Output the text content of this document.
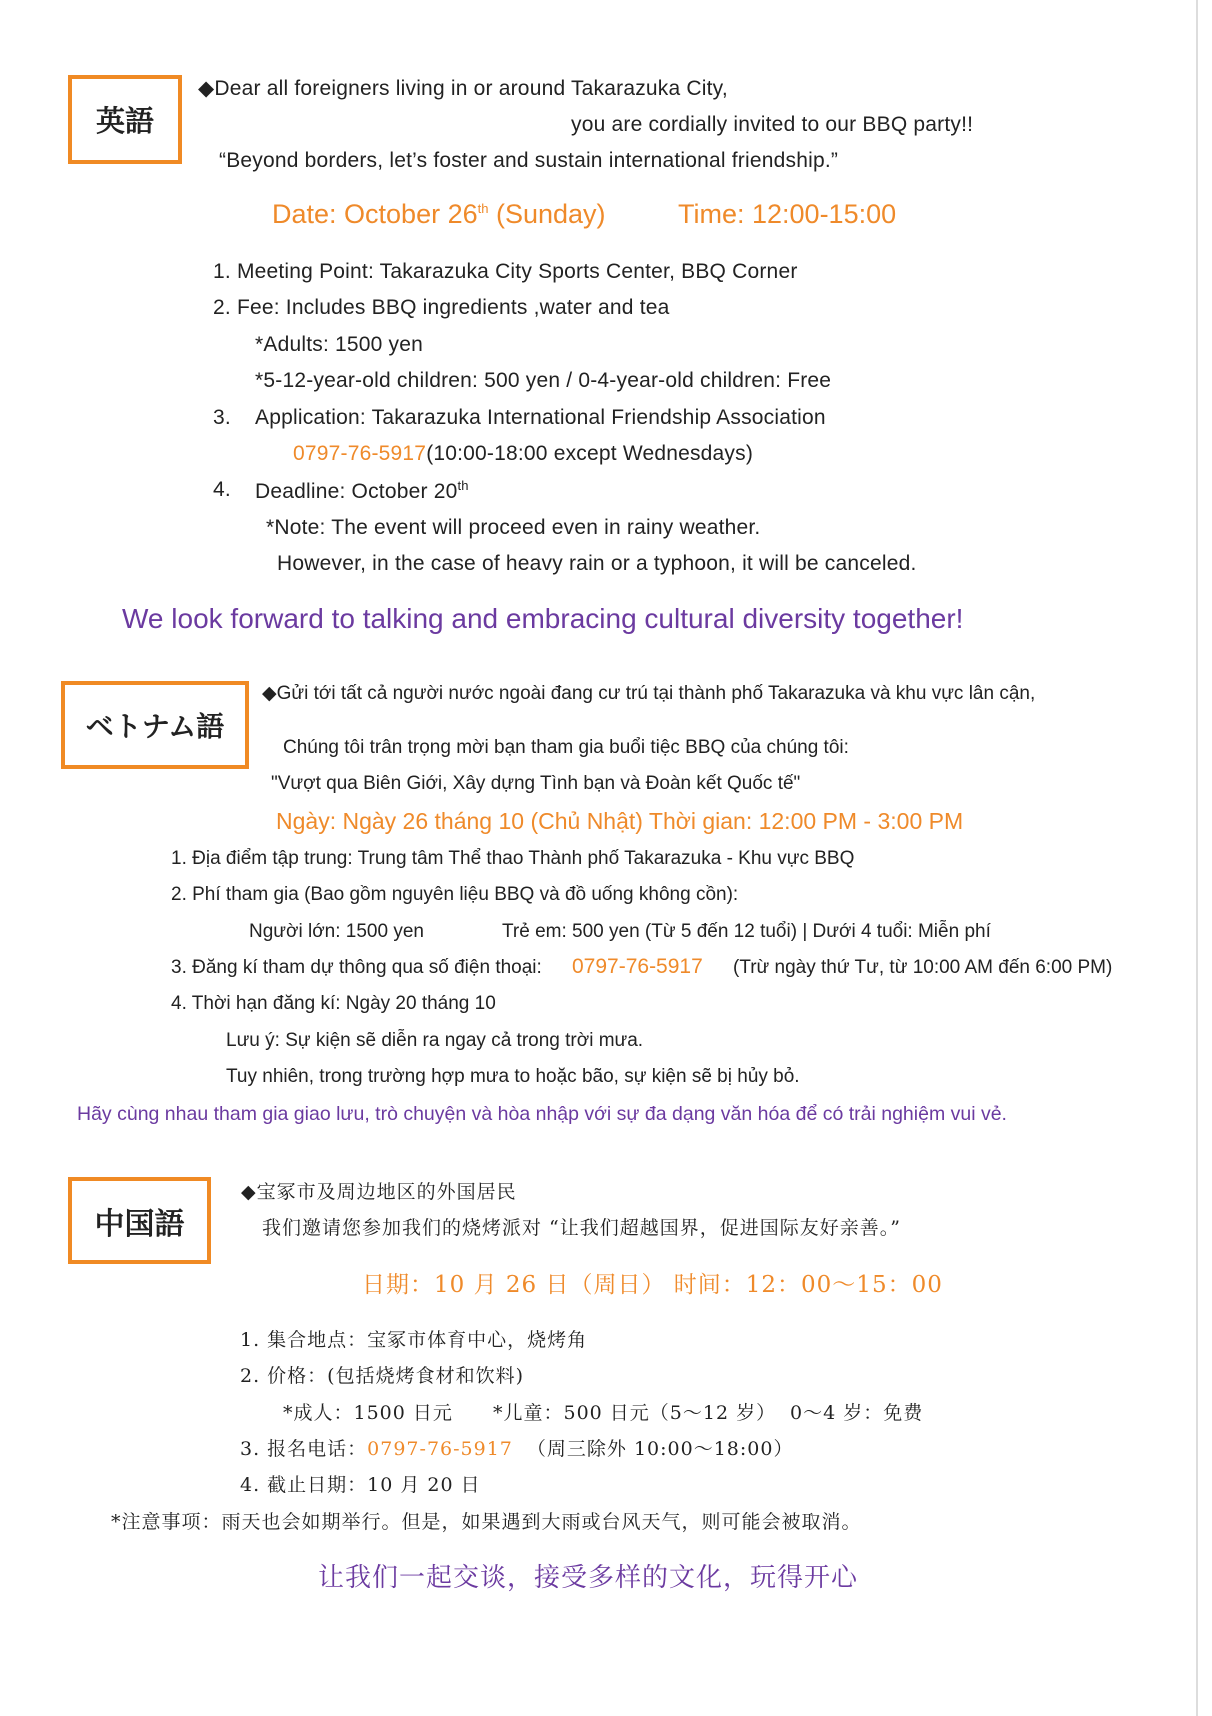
英語
◆Dear all foreigners living in or around Takarazuka City,
you are cordially invited to our BBQ party!!
“Beyond borders, let’s foster and sustain international friendship.”
Date: October 26th (Sunday)	Time: 12:00-15:00
1. Meeting Point: Takarazuka City Sports Center, BBQ Corner
2. Fee: Includes BBQ ingredients ,water and tea
*Adults: 1500 yen
*5-12-year-old children: 500 yen / 0-4-year-old children: Free
3. Application: Takarazuka International Friendship Association
0797-76-5917(10:00-18:00 except Wednesdays)
4. Deadline: October 20th
*Note: The event will proceed even in rainy weather.
However, in the case of heavy rain or a typhoon, it will be canceled.
We look forward to talking and embracing cultural diversity together!
ベトナム語
◆Gửi tới tất cả người nước ngoài đang cư trú tại thành phố Takarazuka và khu vực lân cận,
Chúng tôi trân trọng mời bạn tham gia buổi tiệc BBQ của chúng tôi:
"Vượt qua Biên Giới, Xây dựng Tình bạn và Đoàn kết Quốc tế"
Ngày: Ngày 26 tháng 10 (Chủ Nhật) Thời gian: 12:00 PM - 3:00 PM
1. Địa điểm tập trung: Trung tâm Thể thao Thành phố Takarazuka - Khu vực BBQ
2. Phí tham gia (Bao gồm nguyên liệu BBQ và đồ uống không cồn):
Người lớn: 1500 yen	Trẻ em: 500 yen (Từ 5 đến 12 tuổi) | Dưới 4 tuổi: Miễn phí
3. Đăng kí tham dự thông qua số điện thoại: 0797-76-5917 (Trừ ngày thứ Tư, từ 10:00 AM đến 6:00 PM)
4. Thời hạn đăng kí: Ngày 20 tháng 10
Lưu ý: Sự kiện sẽ diễn ra ngay cả trong trời mưa.
Tuy nhiên, trong trường hợp mưa to hoặc bão, sự kiện sẽ bị hủy bỏ.
Hãy cùng nhau tham gia giao lưu, trò chuyện và hòa nhập với sự đa dạng văn hóa để có trải nghiệm vui vẻ.
中国語
◆宝冢市及周边地区的外国居民
我们邀请您参加我们的烧烤派对 “让我们超越国界，促进国际友好亲善。”
日期：10 月 26 日（周日） 时间：12：00～15：00
1. 集合地点：宝冢市体育中心，烧烤角
2. 价格：(包括烧烤食材和饮料)
*成人：1500 日元 *儿童：500 日元（5～12 岁） 0～4 岁：免费
3. 报名电话：0797-76-5917 （周三除外 10:00～18:00）
4. 截止日期：10 月 20 日
*注意事项：雨天也会如期举行。但是，如果遇到大雨或台风天气，则可能会被取消。
让我们一起交谈，接受多样的文化，玩得开心
